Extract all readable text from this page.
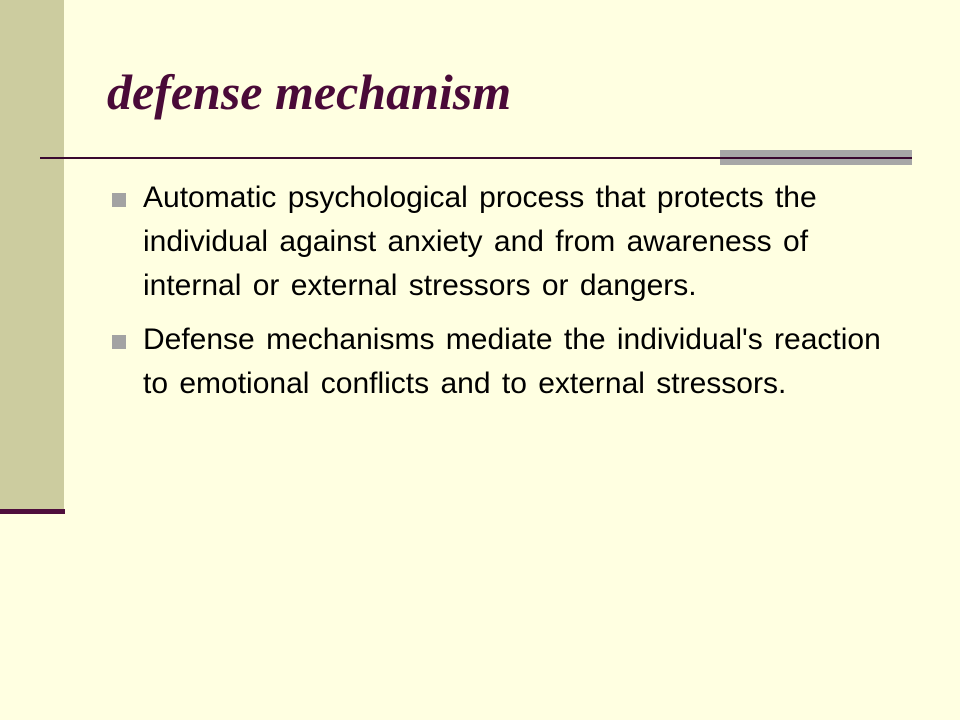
defense mechanism
Automatic psychological process that protects the individual against anxiety and from awareness of internal or external stressors or dangers.
Defense mechanisms mediate the individual's reaction to emotional conflicts and to external stressors.
